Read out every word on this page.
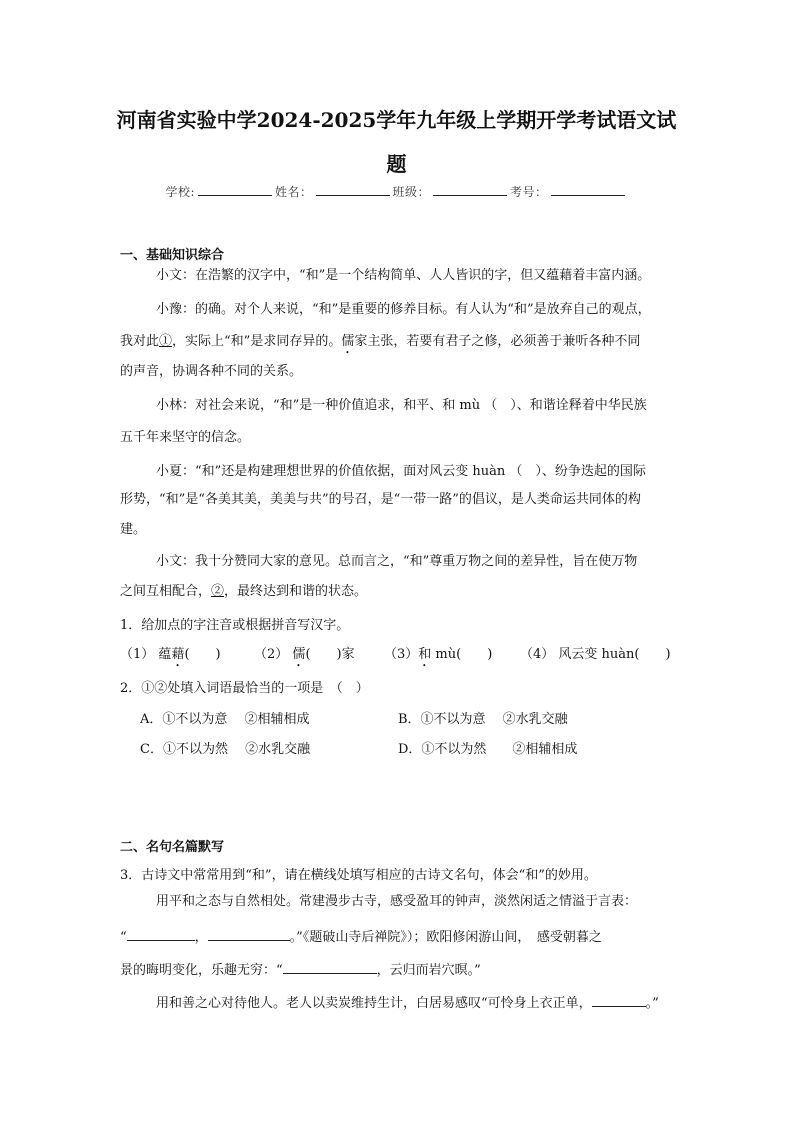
河南省实验中学2024-2025学年九年级上学期开学考试语文试
题
学校:	姓名：	班级：	考号：
一、基础知识综合
小文：在浩繁的汉字中，“和”是一个结构简单、人人皆识的字，但又蕴藉着丰富内涵。
小豫：的确。对个人来说，“和”是重要的修养目标。有人认为“和”是放弃自己的观点，
我对此①，实际上“和”是求同存异的。儒家主张，若要有君子之修，必须善于兼听各种不同
的声音，协调各种不同的关系。
小林：对社会来说，“和”是一种价值追求，和平、和 mù （　）、和谐诠释着中华民族
五千年来坚守的信念。
小夏：“和”还是构建理想世界的价值依据，面对风云变 huàn （　）、纷争迭起的国际
形势，“和”是“各美其美，美美与共”的号召，是“一带一路”的倡议，是人类命运共同体的构
建。
小文：我十分赞同大家的意见。总而言之，“和”尊重万物之间的差异性，旨在使万物
之间互相配合，②，最终达到和谐的状态。
1．给加点的字注音或根据拼音写汉字。
（1） 蕴藉(　　)	（2） 儒(　　)家 （3）和 mù(　　) （4） 风云变 huàn(　　)
2．①②处填入词语最恰当的一项是　（　）
A．①不以为意　 ②相辅相成	B．①不以为意　 ②水乳交融
C．①不以为然　 ②水乳交融	D．①不以为然　　②相辅相成
二、名句名篇默写
3．古诗文中常常用到“和”，请在横线处填写相应的古诗文名句，体会“和”的妙用。
用平和之态与自然相处。常建漫步古寺，感受盈耳的钟声，淡然闲适之情溢于言表：
“	，	。”《题破山寺后禅院》）；欧阳修闲游山间，　感受朝暮之
景的晦明变化，乐趣无穷：“	，云归而岩穴暝。”
用和善之心对待他人。老人以卖炭维持生计，白居易感叹“可怜身上衣正单，	。”
